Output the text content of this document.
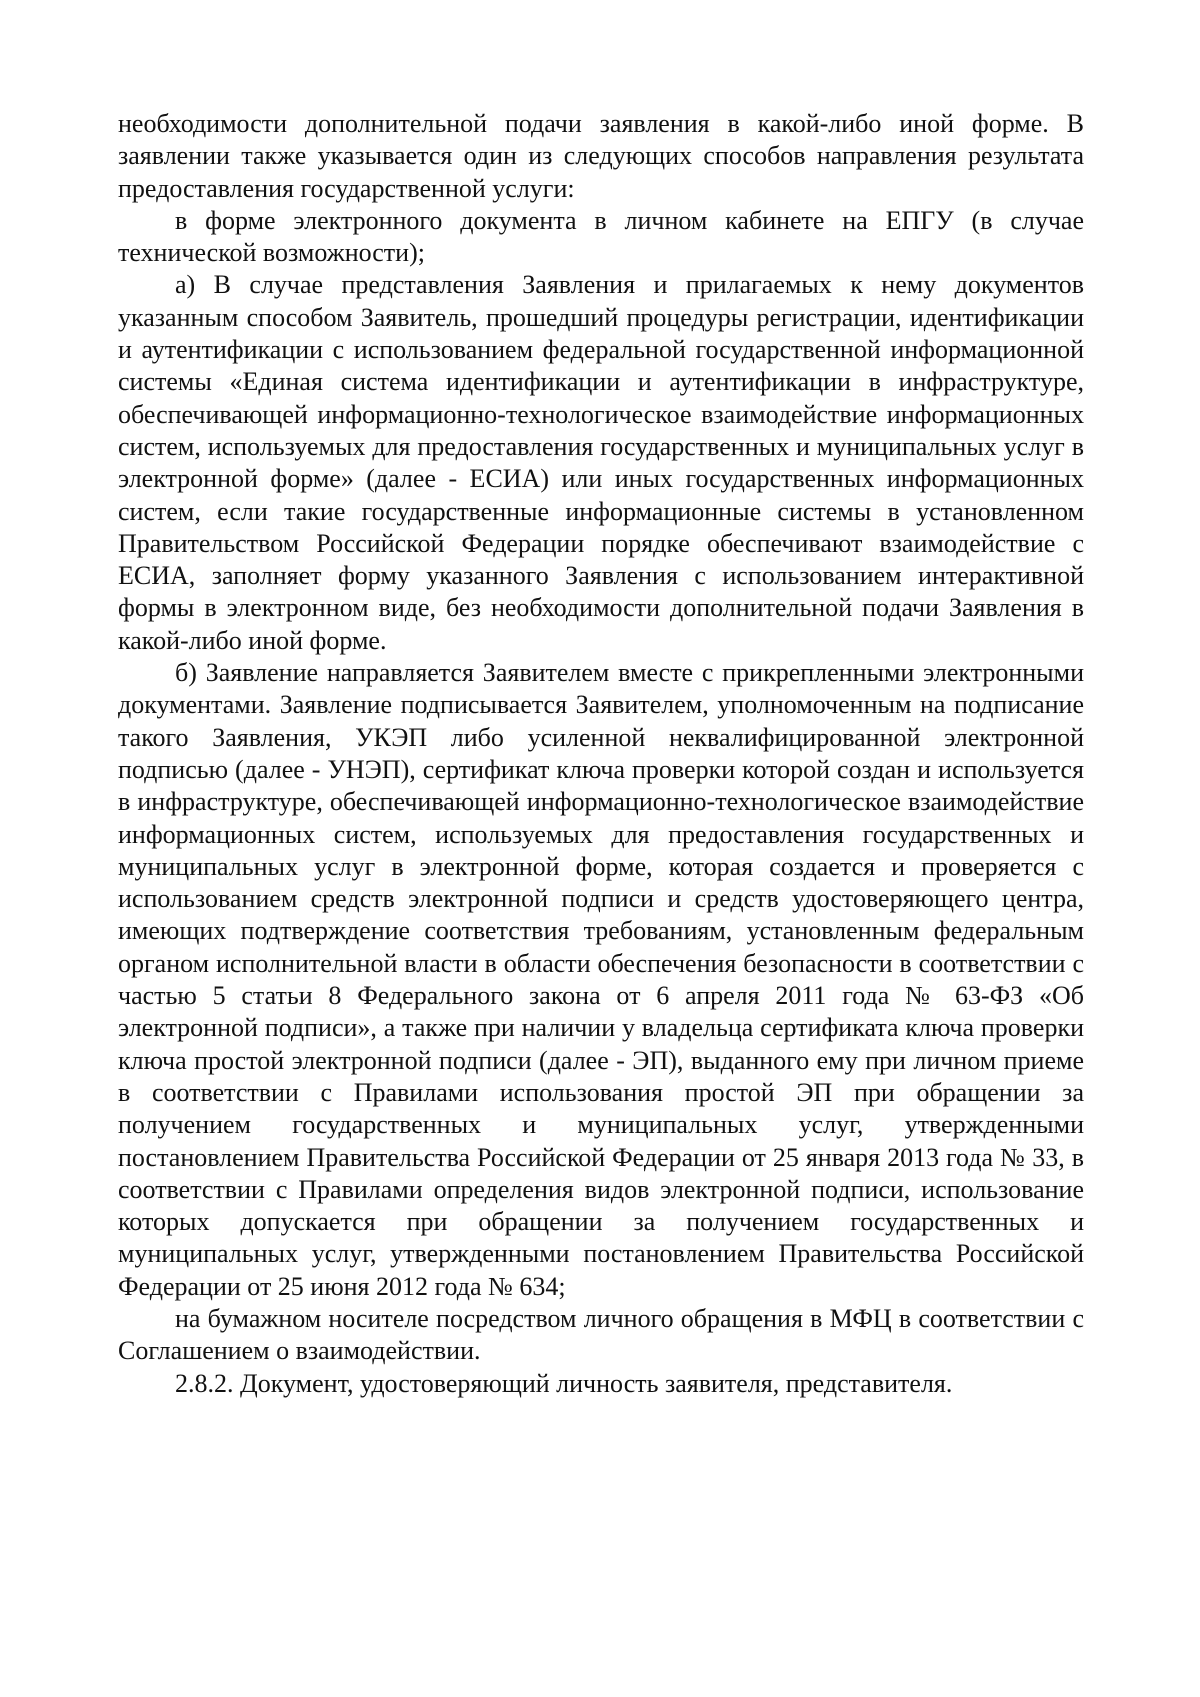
необходимости дополнительной подачи заявления в какой-либо иной форме. В заявлении также указывается один из следующих способов направления результата предоставления государственной услуги:

в форме электронного документа в личном кабинете на ЕПГУ (в случае технической возможности);

а) В случае представления Заявления и прилагаемых к нему документов указанным способом Заявитель, прошедший процедуры регистрации, идентификации и аутентификации с использованием федеральной государственной информационной системы «Единая система идентификации и аутентификации в инфраструктуре, обеспечивающей информационно-технологическое взаимодействие информационных систем, используемых для предоставления государственных и муниципальных услуг в электронной форме» (далее - ЕСИА) или иных государственных информационных систем, если такие государственные информационные системы в установленном Правительством Российской Федерации порядке обеспечивают взаимодействие с ЕСИА, заполняет форму указанного Заявления с использованием интерактивной формы в электронном виде, без необходимости дополнительной подачи Заявления в какой-либо иной форме.

б) Заявление направляется Заявителем вместе с прикрепленными электронными документами. Заявление подписывается Заявителем, уполномоченным на подписание такого Заявления, УКЭП либо усиленной неквалифицированной электронной подписью (далее - УНЭП), сертификат ключа проверки которой создан и используется в инфраструктуре, обеспечивающей информационно-технологическое взаимодействие информационных систем, используемых для предоставления государственных и муниципальных услуг в электронной форме, которая создается и проверяется с использованием средств электронной подписи и средств удостоверяющего центра, имеющих подтверждение соответствия требованиям, установленным федеральным органом исполнительной власти в области обеспечения безопасности в соответствии с частью 5 статьи 8 Федерального закона от 6 апреля 2011 года № 63-ФЗ «Об электронной подписи», а также при наличии у владельца сертификата ключа проверки ключа простой электронной подписи (далее - ЭП), выданного ему при личном приеме в соответствии с Правилами использования простой ЭП при обращении за получением государственных и муниципальных услуг, утвержденными постановлением Правительства Российской Федерации от 25 января 2013 года № 33, в соответствии с Правилами определения видов электронной подписи, использование которых допускается при обращении за получением государственных и муниципальных услуг, утвержденными постановлением Правительства Российской Федерации от 25 июня 2012 года № 634;

на бумажном носителе посредством личного обращения в МФЦ в соответствии с Соглашением о взаимодействии.

2.8.2. Документ, удостоверяющий личность заявителя, представителя.
